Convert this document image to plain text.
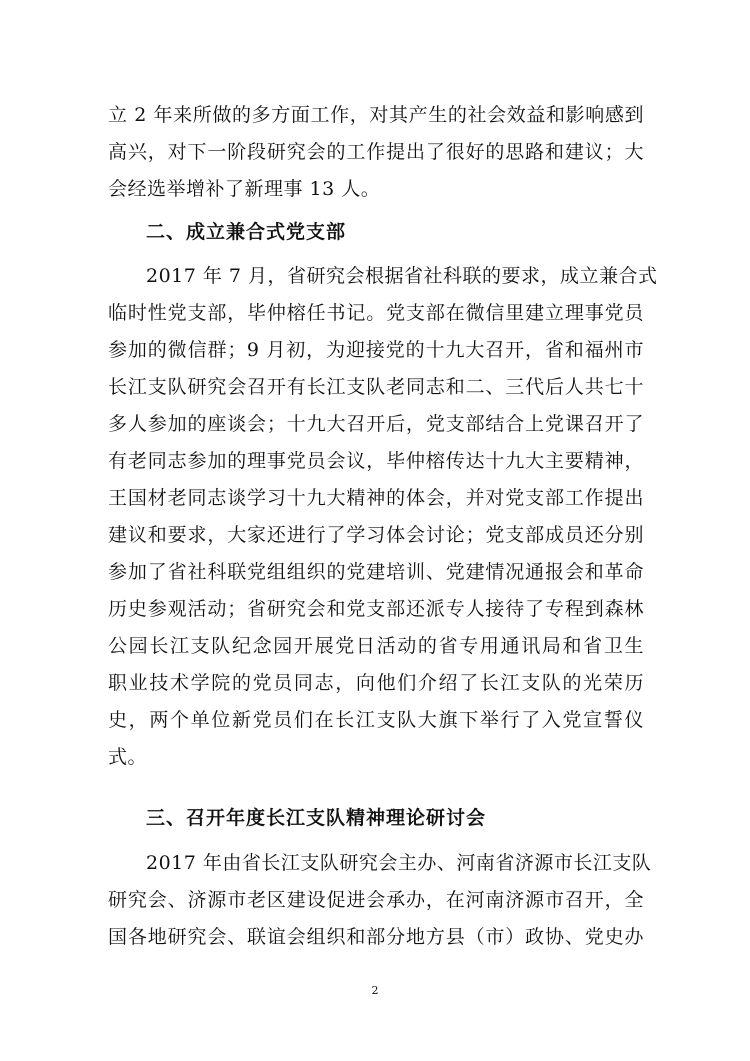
立 2 年来所做的多方面工作，对其产生的社会效益和影响感到
高兴，对下一阶段研究会的工作提出了很好的思路和建议；大
会经选举增补了新理事 13 人。
二、成立兼合式党支部
2017 年 7 月，省研究会根据省社科联的要求，成立兼合式
临时性党支部，毕仲榕任书记。党支部在微信里建立理事党员
参加的微信群；9 月初，为迎接党的十九大召开，省和福州市
长江支队研究会召开有长江支队老同志和二、三代后人共七十
多人参加的座谈会；十九大召开后，党支部结合上党课召开了
有老同志参加的理事党员会议，毕仲榕传达十九大主要精神，
王国材老同志谈学习十九大精神的体会，并对党支部工作提出
建议和要求，大家还进行了学习体会讨论；党支部成员还分别
参加了省社科联党组组织的党建培训、党建情况通报会和革命
历史参观活动；省研究会和党支部还派专人接待了专程到森林
公园长江支队纪念园开展党日活动的省专用通讯局和省卫生
职业技术学院的党员同志，向他们介绍了长江支队的光荣历
史，两个单位新党员们在长江支队大旗下举行了入党宣誓仪
式。
三、召开年度长江支队精神理论研讨会
2017 年由省长江支队研究会主办、河南省济源市长江支队
研究会、济源市老区建设促进会承办，在河南济源市召开，全
国各地研究会、联谊会组织和部分地方县（市）政协、党史办
2
